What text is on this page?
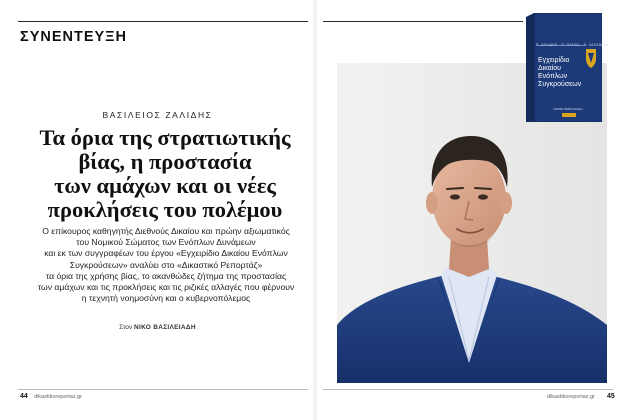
ΣΥΝΕΝΤΕΥΞΗ
ΒΑΣΙΛΕΙΟΣ ΖΑΛΙΔΗΣ
Τα όρια της στρατιωτικής
βίας, η προστασία
των αμάχων και οι νέες
προκλήσεις του πολέμου
Ο επίκουρος καθηγητής Διεθνούς Δικαίου και πρώην αξιωματικός
του Νομικού Σώματος των Ενόπλων Δυνάμεων
και εκ των συγγραφέων του έργου «Εγχειρίδιο Δικαίου Ενόπλων
Συγκρούσεων» αναλύει στο «Δικαστικό Ρεπορτάζ»
τα όρια της χρήσης βίας, το ακανθώδες ζήτημα της προστασίας
των αμάχων και τις προκλήσεις και τις ριζικές αλλαγές που φέρνουν
η τεχνητή νοημοσύνη και ο κυβερνοπόλεμος
Στον ΝΙΚΟ ΒΑΣΙΛΕΙΑΔΗ
44 dikastikoreportaz.gr
Β. ΖΑΛΙΔΗΣ · Π. ΠΑΠΑΣ · Ν. ΛΑΣΚΑΡΗΣ
Εγχειρίδιο
Δικαίου
Ενόπλων
Συγκρούσεων
ΝΟΜΙΚΗ ΒΙΒΛΙΟΘΗΚΗ
dikastikoreportaz.gr 45
